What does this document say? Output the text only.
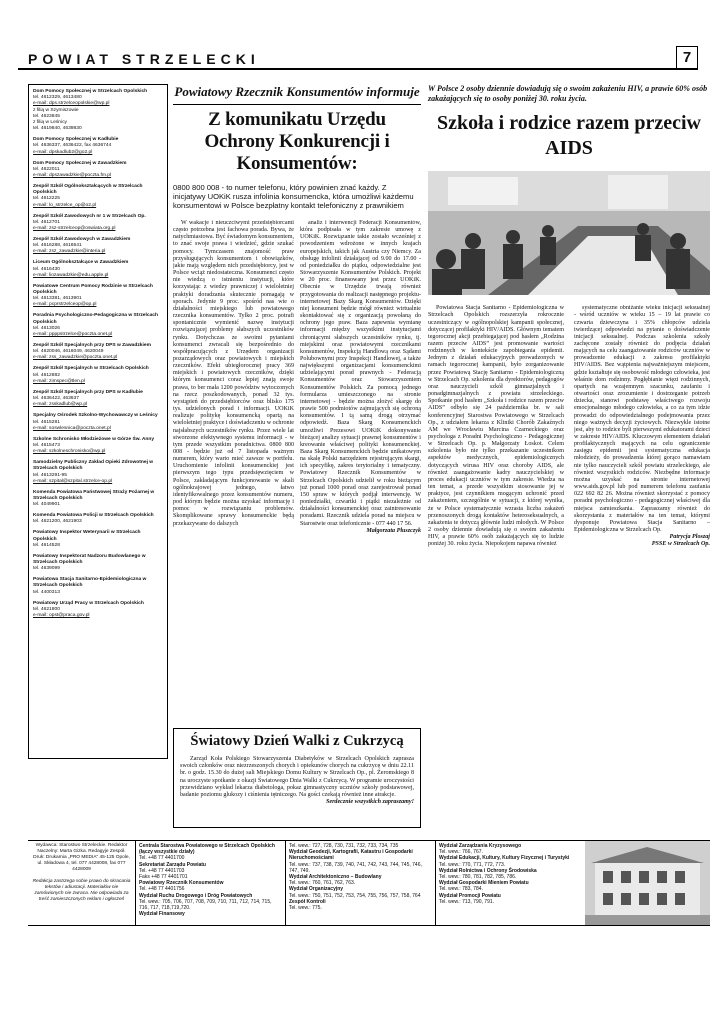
POWIAT STRZELECKI	7
Dom Pomocy Społecznej w Strzelcach Opolskich
tel. 4612329, 4613480
e-mail: dps.strzelceopolskie@wp.pl
z filią w Szymiszowie
tel. 4623845
z filią w Leśnicy
tel. 4619840, 4639830
Dom Pomocy Społecznej w Kadłubie
tel. 4636337, 4636422, fax 4636744
e-mail: dpskadlub2@go2.pl
Dom Pomocy Społecznej w Zawadzkiem
tel. 4622011
e-mail: dpszawadzkie@poczta.fm.pl
Zespół Szkół Ogólnokształcących w Strzelcach Opolskich
tel. 4612225
e-mail: lo_strzelce_op@o2.pl
Zespół Szkół Zawodowych nr 1 w Strzelcach Op.
tel. 4612701
e-mail: zsz-strzelceop@oswiata.org.pl
Zespół Szkół Zawodowych w Zawadzkiem
tel. 4616288, 4616541
e-mail: zsz_zawadzkie@interia.pl
Liceum Ogólnokształcące w Zawadzkiem
tel. 4616430
e-mail: liozawadzkie@edu.apple.pl
Powiatowe Centrum Pomocy Rodzinie w Strzelcach Opolskich
tel. 4613381, 4613901
e-mail: pcprstrzelceop@op.pl
Poradnia Psychologiczno-Pedagogiczna w Strzelcach Opolskich
tel. 4613026
e-mail: ppppstrzelce@poczta.onet.pl
Zespół Szkół Specjalnych przy DPS w Zawadzkiem
tel. 4620046, 4616049, 4620049
e-mail: zss_zawadzkie@poczta.onet.pl
Zespół Szkół Specjalnych w Strzelcach Opolskich
tel. 4612882
e-mail: zimspec@tlen.pl
Zespół Szkół Specjalnych przy DPS w Kadłubie
tel. 4636422, 463637
e-mail: zsskadlub@wp.pl
Specjalny Ośrodek Szkolno-Wychowawczy w Leśnicy
tel. 4615281
e-mail: soswlesnica@poczta.onet.pl
Szkolne Schronisko Młodzieżowe w Górze Św. Anny
tel. 4615473
e-mail: szkolneschronisko@wp.pl
Samodzielny Publiczny Zakład Opieki Zdrowotnej w Strzelcach Opolskich
tel. 4613291-95
e-mail: szpital@szpital.strzelce-op.pl
Komenda Powiatowa Państwowej Straży Pożarnej w Strzelcach Opolskich
tel. 4049901
Komenda Powiatowa Policji w Strzelcach Opolskich
tel. 4621200, 4621903
Powiatowy Inspektor Weterynarii w Strzelcach Opolskich
tel. 4614528
Powiatowy Inspektorat Nadzoru Budowlanego w Strzelcach Opolskich
tel. 4639099
Powiatowa Stacja Sanitarno-Epidemiologiczna w Strzelcach Opolskich
tel. 4400313
Powiatowy Urząd Pracy w Strzelcach Opolskich
tel. 4621800
e-mail: opst@praca.gov.pl
Powiatowy Rzecznik Konsumentów informuje
Z komunikatu Urzędu Ochrony Konkurencji i Konsumentów:
0800 800 008 - to numer telefonu, który powinien znać każdy. Z inicjatywy UOKiK rusza infolinia konsumencka, która umożliwi każdemu konsumentowi w Polsce bezpłatny kontakt telefoniczny z prawnikiem

W wakacje i nieuczciwymi przedsiębiorcami często potrzebna jest fachowa porada. Bywa, że natychmiastowa. Być świadomym konsumentem, to znać swoje prawa i wiedzieć, gdzie szukać pomocy. Tymczasem znajomość praw przysługujących konsumentom i obowiązków, jakie mają względem nich przedsiębiorcy, jest w Polsce wciąż niedostateczna. Konsumenci często nie wiedzą o istnieniu instytucji, które korzystając z wiedzy prawniczej i wieloletniej praktyki doradzania skutecznie pomagają w sporach. Jedynie 9 proc. spośród nas wie o działalności miejskiego lub powiatowego rzecznika konsumentów. Tylko 2 proc. potrafi spontanicznie wymienić nazwę instytucji rozwiązującej problemy słabszych uczestników rynku. Dotychczas ze swoimi pytaniami konsumenci zwracali się bezpośrednio do współpracujących z Urzędem organizacji pozarządowych oraz powiatowych i miejskich rzeczników. Efekt ubiegłorocznej pracy 369 miejskich i powiatowych rzeczników, dzięki którym konsumenci coraz lepiej znają swoje prawa, to ber mała 1200 powództw wytoczonych na rzecz poszkodowanych, ponad 32 tys. wystąpień do przedsiębiorców oraz blisko 175 tys. udzielonych porad i informacji. UOKiK realizuje politykę konsumencką opartą na wieloletniej praktyce i doświadczeniu w ochronie najsłabszych uczestników rynku. Przez wiele lat stworzone efektywnego systemu informacji - w tym przede wszystkim poradnictwa. 0800 800 008 - będzie już od 7 listopada ważnym numerem, który warto mieć zawsze w portfelu. Uruchomienie infolinii konsumenckiej jest pierwszym tego typu przedsięwzięciem w Polsce, zakładającym funkcjonowanie w skali ogólnokrajowej jednego, łatwo identyfikowalnego przez konsumentów numeru, pod którym będzie można uzyskać informację i pomoc w rozwiązaniu problemów. Skomplikowane sprawy konsumenckie będą przekazywane do dalszych

analiz i interwencji Federacji Konsumentów, która podpisała w tym zakresie umowę z UOKiK. Rozwiązanie takie zostało wcześniej z powodzeniem wdrożone w innych krajach europejskich, takich jak Austria czy Niemcy. Za obsługę infolinii działającej od 9.00 do 17.00 - od poniedziałku do piątku, odpowiedzialne jest Stowarzyszenie Konsumentów Polskich. Projekt w 20 proc. finansowany jest przez UOKiK. Obecnie w Urzędzie trwają również przygotowania do realizacji następnego projektu- internetowej Bazy Skarg Konsumentów. Dzięki niej konsument będzie mógł również wirtualnie skontaktować się z organizacją powołaną do ochrony jego praw. Baza zapewnia wymianę informacji między wszystkimi instytucjami chroniącymi słabszych uczestników rynku, tj. miejskimi oraz powiatowymi rzecznikami konsumentów, Inspekcją Handlową oraz Sądami Polubownymi przy Inspekcji Handlowej, a także największymi organizacjami konsumenckimi udzielającymi porad prawnych - Federacją Konsumentów oraz Stowarzyszeniem Konsumentów Polskich. Za pomocą jednego formularza umieszczonego na stronie internetowej - będzie można złożyć skargę do prawie 500 podmiotów zajmujących się ochroną konsumentów. I tą samą drogą otrzymać odpowiedź. Baza Skarg Konsumenckich umożliwi Prezesowi UOKiK dokonywanie bieżącej analizy sytuacji prawnej konsumentów i kreowanie właściwej polityki konsumenckiej. Baza Skarg Konsumenckich będzie unikatowym na skalę Polski narzędziem rejestrującym skargi, ich specyfikę, zakres terytorialny i tematyczny. Powiatowy Rzecznik Konsumentów w Strzelcach Opolskich udzielił w roku bieżącym już ponad 1000 porad oraz zarejestrował ponad 150 spraw w których podjął interwencję. W poniedziałki, czwartki i piątki niezależnie od działalności konsumenckiej oraz zaintresowanie poradami. Rzecznik udziela porad na miejscu w Starostwie oraz telefonicznie - 077 440 17 56.

Małgorzata Pluszczyk
Światowy Dzień Walki z Cukrzycą

Zarząd Koła Polskiego Stowarzyszenia Diabetyków w Strzelcach Opolskich zaprasza swoich członków oraz niezrzeszonych chorych i opiekunów chorych na cukrzycę w dniu 22.11 br. o godz. 15.30 do dużej sali Miejskiego Domu Kultury w Strzelcach Op., pl. Żeromskiego 8 na uroczyste spotkanie z okazji Światowego Dnia Walki z Cukrzycą. W programie uroczystości przewidziano wykład lekarza diabetologa, pokaz gimnastyczny uczniów szkoły podstawowej, badanie poziomu glukozy i ciśnienia tętniczego. Na gości czekają również inne atrakcje.

Serdecznie wszystkich zapraszamy!
W Polsce 2 osoby dziennie dowiadują się o swoim zakażeniu HIV, a prawie 60% osób zakażających się to osoby poniżej 30. roku życia.
Szkoła i rodzice razem przeciw AIDS

Powiatowa Stacja Sanitarno - Epidemiologiczna w Strzelcach Opolskich rozszerzyła rokrocznie uczestniczący w ogólnopolskiej kampanii społecznej, dotyczącej profilaktyki HIV/AIDS. Głównym tematem tegorocznej akcji przebiegającej pod hasłem „Rodzina razem przeciw AIDS” jest promowanie wartości rodzinnych w kontekście zapobiegania epidemii. Jednym z działań edukacyjnych prowadzonych w ramach tegorocznej kampanii, było zorganizowanie przez Powiatową Stację Sanitarno - Epidemiologiczną w Strzelcach Op. szkolenia dla dyrektorów, pedagogów oraz nauczycieli szkół gimnazjalnych i ponadgimnazjalnych z powiatu strzeleckiego. Spotkanie pod hasłem „Szkoła i rodzice razem przeciw AIDS” odbyło się 24 października br. w sali konferencyjnej Starostwa Powiatowego w Strzelcach Op., z udziałem lekarza z Kliniki Chorób Zakaźnych AM we Wrocławiu Marcina Czarneckiego oraz psychologa z Poradni Psychologiczno - Pedagogicznej w Strzelcach Op. p. Małgorzaty Łoskot. Celem szkolenia było nie tylko przekazanie uczestnikom aspektów medycznych, epidemiologicznych dotyczących wirusa HIV oraz choroby AIDS, ale również zaangażowanie kadry nauczycielskiej w proces edukacji uczniów w tym zakresie. Wiedza na ten temat, a przede wszystkim stosowanie jej w praktyce, jest czynnikiem mogącym uchronić przed zakażeniem, szczególnie w sytuacji, z której wynika, że w Polsce systematycznie wzrasta liczba zakażeń przenoszonych drogą kontaktów heteroseksualnych, a zakażenia te dotyczą głównie ludzi młodych. W Polsce 2 osoby dziennie dowiadują się o swoim zakażeniu HIV, a prawie 60% osób zakażających się to ludzie poniżej 30. roku życia. Niepokojem napawa również

systematyczne obniżanie wieku inicjacji seksualnej - wśród uczniów w wieku 15 – 19 lat prawie co czwarta dziewczyna i 35% chłopców udziela twierdzącej odpowiedzi na pytanie o doświadczenie inicjacji seksualnej. Podczas szkolenia szkoły zachęcone zostały również do podjęcia działań mających na celu zaangażowanie rodziców uczniów w prowadzenie edukacji z zakresu profilaktyki HIV/AIDS. Bez wątpienia najważniejszym miejscem, gdzie kształtuje się osobowość młodego człowieka, jest właśnie dom rodzinny. Pogłębianie więzi rodzinnych, opartych na wzajemnym szacunku, zaufaniu i otwartości oraz zrozumienie i dostrzeganie potrzeb dziecka, stanowi podstawę właściwego rozwoju emocjonalnego młodego człowieka, a co za tym idzie prowadzi do odpowiedzialnego podejmowania przez niego ważnych decyzji życiowych. Niezwykle istotne jest, aby to rodzice byli pierwszymi edukatorami dzieci w zakresie HIV/AIDS. Kluczowym elementem działań profilaktycznych mających na celu ograniczenie zasięgu epidemii jest systematyczna edukacja młodzieży, do prowadzenia której gorąco namawiam nie tylko nauczycieli szkół powiatu strzeleckiego, ale również wszystkich rodziców. Niezbędne informacje można uzyskać na stronie internetowej www.aids.gov.pl lub pod numerem telefonu zaufania 022 692 82 26. Można również skorzystać z pomocy poradni psychologiczno - pedagogicznej właściwej dla miejsca zamieszkania. Zapraszamy również do skorzystania z materiałów na ten temat, którymi dysponuje Powiatowa Stacja Sanitarno – Epidemiologiczna w Strzelcach Op.

Patrycja Ploszaj
PSSE w Strzelcach Op.
Wydawca: Starostwo Strzeleckie. Redaktor Naczelny: Marta Gizka. Redagује Zespół. Druk: Drukarnia „PRO MEDIA” 45-125 Opole, ul. Składowa 4, tel. 077 4428008, fax 077 4428009
Redakcja zastrzega sobie prawo do skracania tekstów i adiustacji. Materiałów nie zamówionych nie zwraca. Nie odpowiada za treść zamieszczonych reklam i ogłoszeń
Centrala Starostwa Powiatowego w Strzelcach Opolskich (łączy wszystkie działy)
Tel. +48 77 4401700
Sekretariat Zarządu Powiatu
Tel. +48 77 4401703
Faks +48 77 4401701
Powiatowy Rzecznik Konsumentów
Tel. +48 77 4401756
Wydział Ruchu Drogowego i Dróg Powiatowych
Tel. wew.: 705, 706, 707, 708, 709, 710, 711, 712, 714, 715, 716, 717, 718,719,720.
Wydział Finansowy
Tel. wew.: 727, 728, 730, 731, 732, 733, 734, 735
Wydział Geodezji, Kartografii, Katastru i Gospodarki Nieruchomościami
Tel. wew.: 737, 738, 739, 740, 741, 742, 743, 744, 745, 746, 747, 749.
Wydział Architektoniczno – Budowlany
Tel. wew.: 760, 761, 762, 763.
Wydział Organizacyjny
Tel. wew.: 750, 751, 752, 753, 754, 755, 756, 757, 758, 764
Zespół Kontroli
Tel. wew.: 775.
Wydział Zarządzania Kryzysowego
Tel. wew.: 766, 767.
Wydział Edukacji, Kultury, Kultury Fizycznej i Turystyki
Tel. wew.: 770, 771, 772, 773.
Wydział Rolnictwa i Ochrony Środowiska
Tel. wew.: 780, 781, 782, 785, 786.
Wydział Gospodarki Mieniem Powiatu
Tel. wew.: 783, 784.
Wydział Promocji Powiatu
Tel. wew.: 713, 790, 791.
